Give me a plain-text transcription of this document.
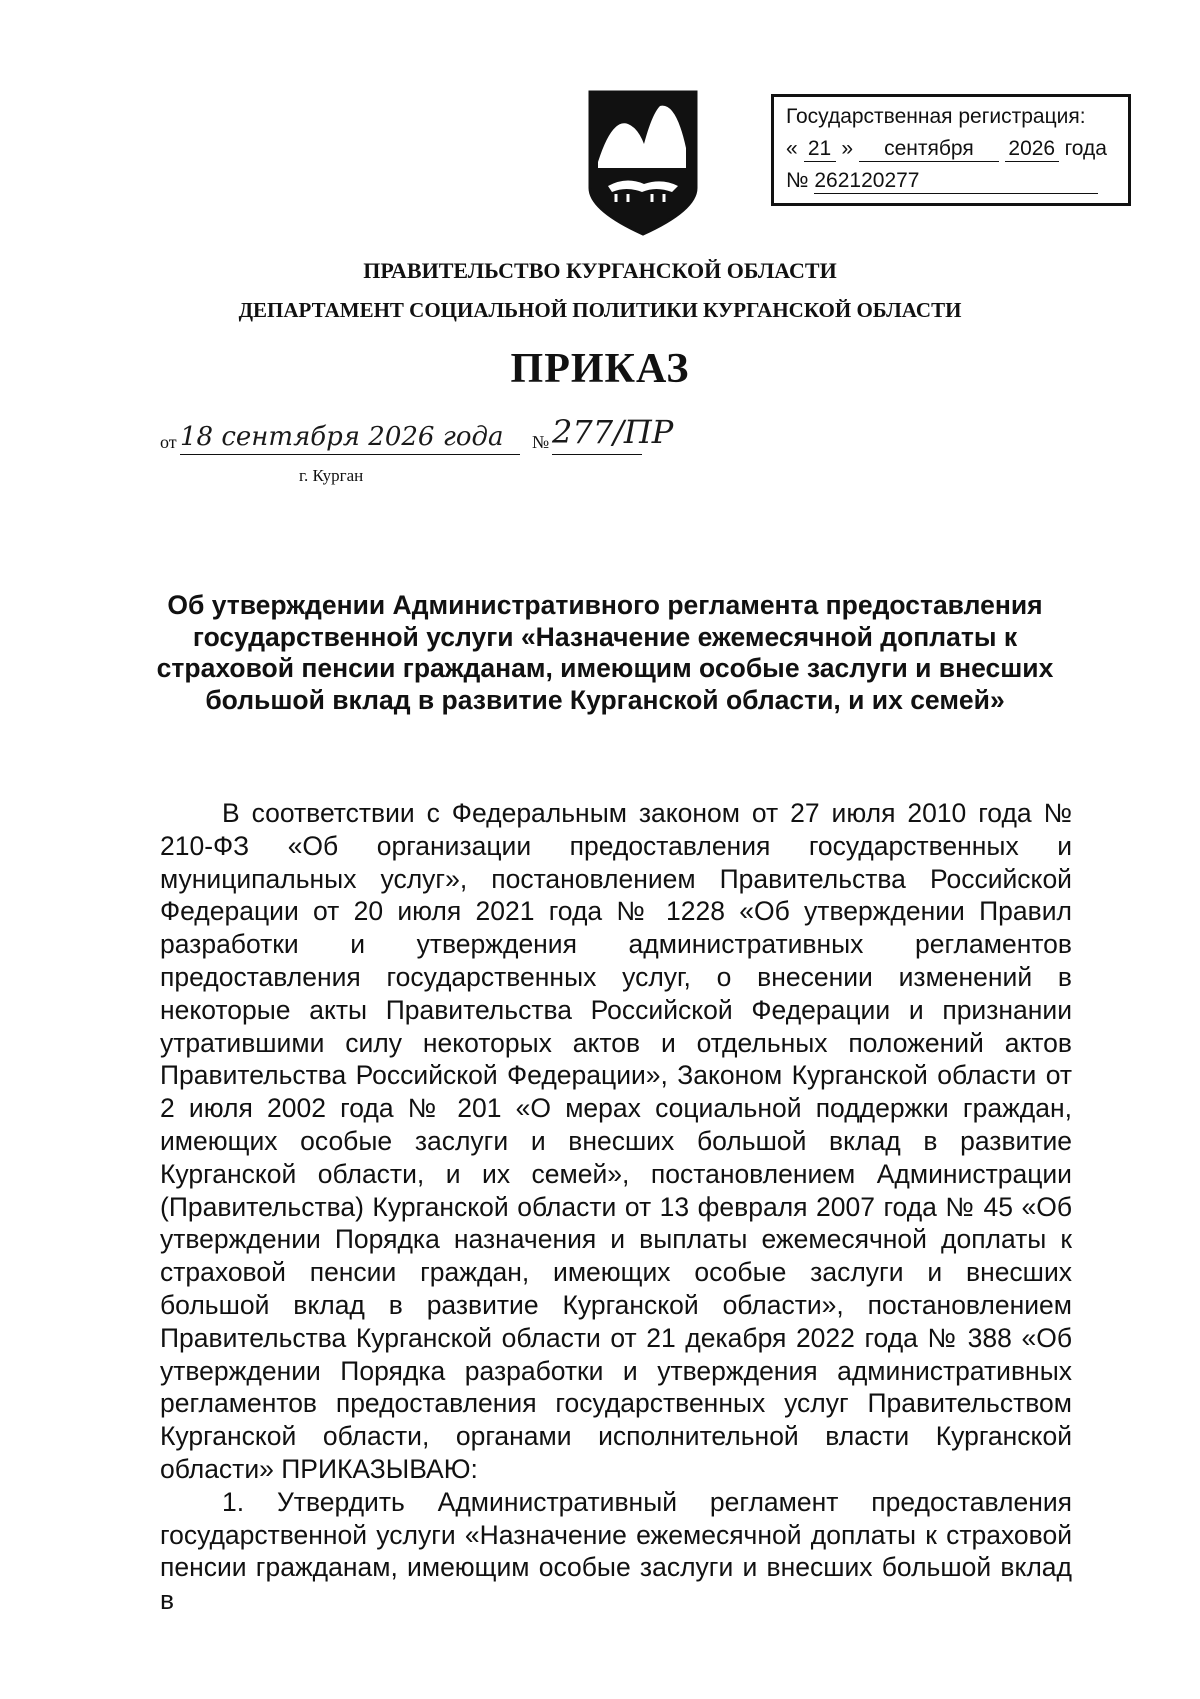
Государственная регистрация:
« 21 » сентября 2026 года
№ 262120277
ПРАВИТЕЛЬСТВО КУРГАНСКОЙ ОБЛАСТИ
ДЕПАРТАМЕНТ СОЦИАЛЬНОЙ ПОЛИТИКИ КУРГАНСКОЙ ОБЛАСТИ
ПРИКАЗ
от 18 сентября 2026 года	№ 277/ПР
г. Курган
Об утверждении Административного регламента предоставления государственной услуги «Назначение ежемесячной доплаты к страховой пенсии гражданам, имеющим особые заслуги и внесших большой вклад в развитие Курганской области, и их семей»

В соответствии с Федеральным законом от 27 июля 2010 года № 210-ФЗ «Об организации предоставления государственных и муниципальных услуг», постановлением Правительства Российской Федерации от 20 июля 2021 года № 1228 «Об утверждении Правил разработки и утверждения административных регламентов предоставления государственных услуг, о внесении изменений в некоторые акты Правительства Российской Федерации и признании утратившими силу некоторых актов и отдельных положений актов Правительства Российской Федерации», Законом Курганской области от 2 июля 2002 года № 201 «О мерах социальной поддержки граждан, имеющих особые заслуги и внесших большой вклад в развитие Курганской области, и их семей», постановлением Администрации (Правительства) Курганской области от 13 февраля 2007 года № 45 «Об утверждении Порядка назначения и выплаты ежемесячной доплаты к страховой пенсии граждан, имеющих особые заслуги и внесших большой вклад в развитие Курганской области», постановлением Правительства Курганской области от 21 декабря 2022 года № 388 «Об утверждении Порядка разработки и утверждения административных регламентов предоставления государственных услуг Правительством Курганской области, органами исполнительной власти Курганской области» ПРИКАЗЫВАЮ:

1. Утвердить Административный регламент предоставления государственной услуги «Назначение ежемесячной доплаты к страховой пенсии гражданам, имеющим особые заслуги и внесших большой вклад в
